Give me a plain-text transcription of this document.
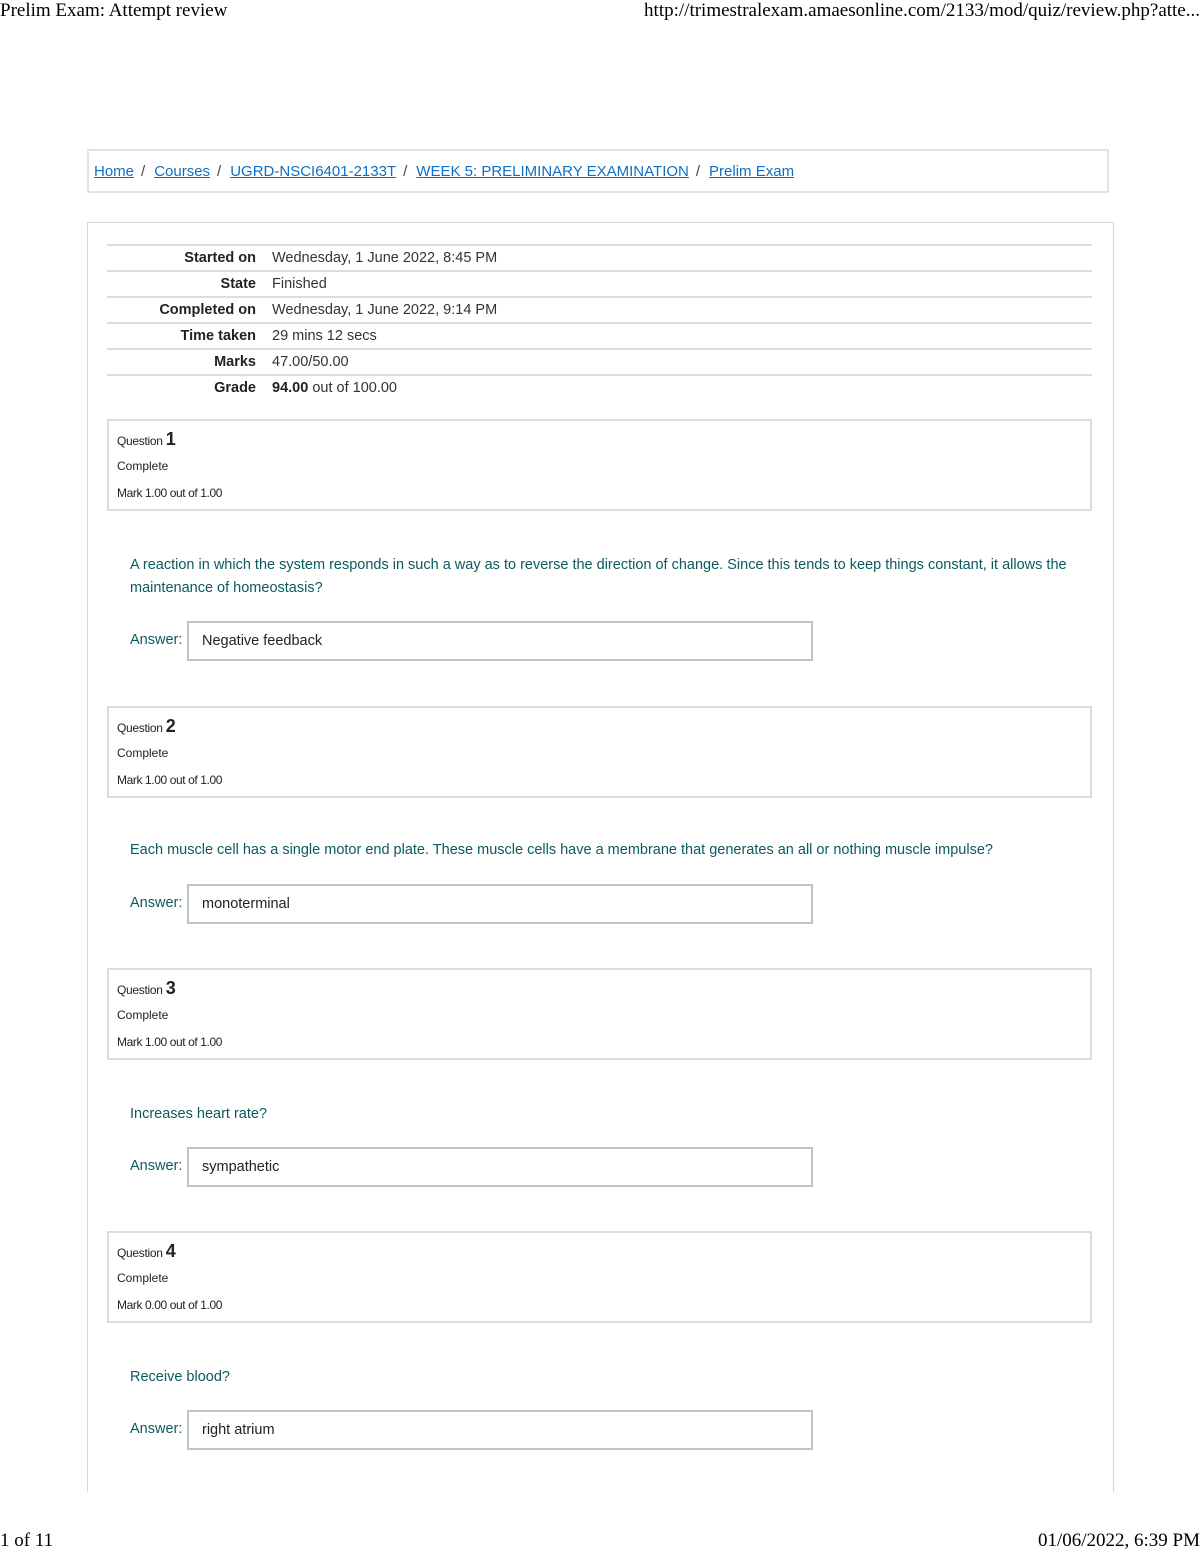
Prelim Exam: Attempt review	http://trimestralexam.amaesonline.com/2133/mod/quiz/review.php?atte...
Home / Courses / UGRD-NSCI6401-2133T / WEEK 5: PRELIMINARY EXAMINATION / Prelim Exam
Started on Wednesday, 1 June 2022, 8:45 PM
State Finished
Completed on Wednesday, 1 June 2022, 9:14 PM
Time taken 29 mins 12 secs
Marks 47.00/50.00
Grade 94.00 out of 100.00
Question 1
Complete
Mark 1.00 out of 1.00
A reaction in which the system responds in such a way as to reverse the direction of change. Since this tends to keep things constant, it allows the maintenance of homeostasis?
Answer:	Negative feedback
Question 2
Complete
Mark 1.00 out of 1.00
Each muscle cell has a single motor end plate. These muscle cells have a membrane that generates an all or nothing muscle impulse?
Answer:	monoterminal
Question 3
Complete
Mark 1.00 out of 1.00
Increases heart rate?
Answer:	sympathetic
Question 4
Complete
Mark 0.00 out of 1.00
Receive blood?
Answer:	right atrium
1 of 11	01/06/2022, 6:39 PM
